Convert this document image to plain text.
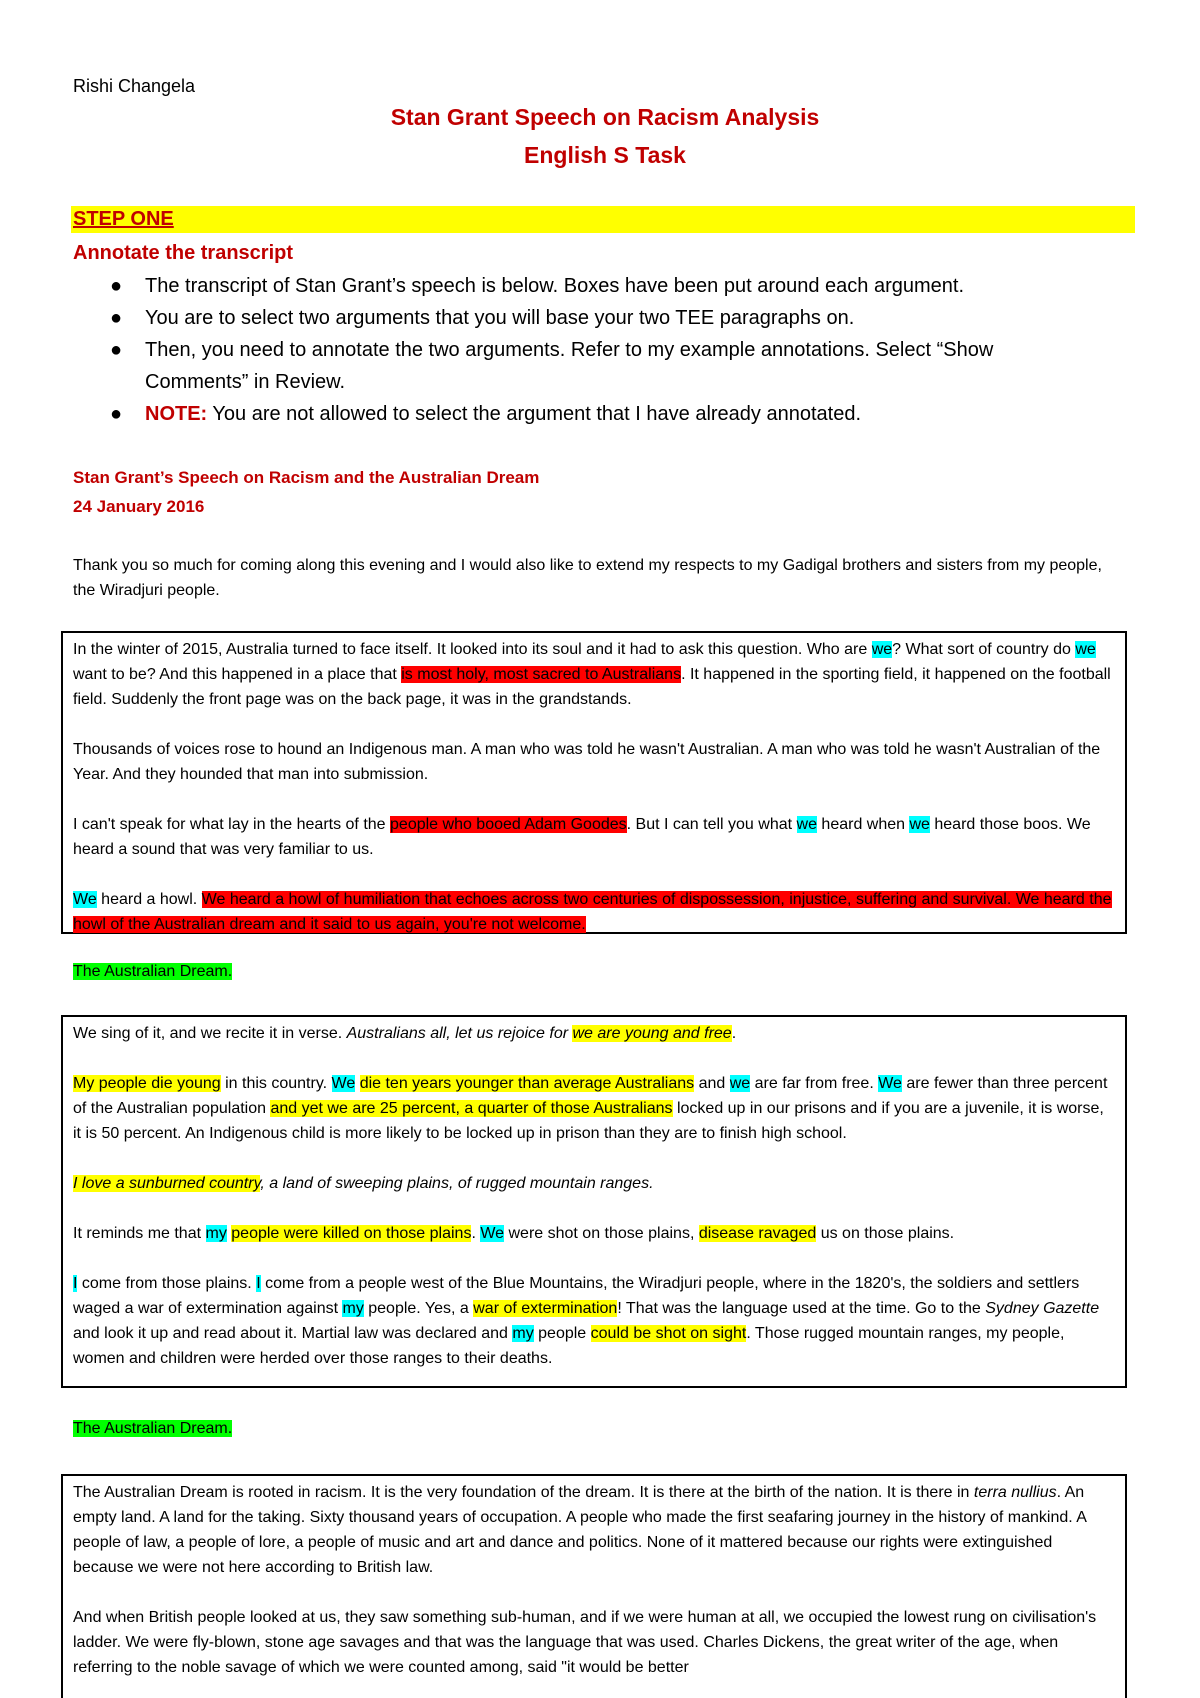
Rishi Changela
Stan Grant Speech on Racism Analysis
English S Task
STEP ONE
Annotate the transcript
● The transcript of Stan Grant’s speech is below. Boxes have been put around each argument.
● You are to select two arguments that you will base your two TEE paragraphs on.
● Then, you need to annotate the two arguments. Refer to my example annotations. Select “Show Comments” in Review.
● NOTE: You are not allowed to select the argument that I have already annotated.
Stan Grant’s Speech on Racism and the Australian Dream
24 January 2016

Thank you so much for coming along this evening and I would also like to extend my respects to my Gadigal brothers and sisters from my people, the Wiradjuri people.

In the winter of 2015, Australia turned to face itself. It looked into its soul and it had to ask this question. Who are we? What sort of country do we want to be? And this happened in a place that is most holy, most sacred to Australians. It happened in the sporting field, it happened on the football field. Suddenly the front page was on the back page, it was in the grandstands.

Thousands of voices rose to hound an Indigenous man. A man who was told he wasn't Australian. A man who was told he wasn't Australian of the Year. And they hounded that man into submission.

I can't speak for what lay in the hearts of the people who booed Adam Goodes. But I can tell you what we heard when we heard those boos. We heard a sound that was very familiar to us.

We heard a howl. We heard a howl of humiliation that echoes across two centuries of dispossession, injustice, suffering and survival. We heard the howl of the Australian dream and it said to us again, you're not welcome.

The Australian Dream.

We sing of it, and we recite it in verse. Australians all, let us rejoice for we are young and free.

My people die young in this country. We die ten years younger than average Australians and we are far from free. We are fewer than three percent of the Australian population and yet we are 25 percent, a quarter of those Australians locked up in our prisons and if you are a juvenile, it is worse, it is 50 percent. An Indigenous child is more likely to be locked up in prison than they are to finish high school.

I love a sunburned country, a land of sweeping plains, of rugged mountain ranges.

It reminds me that my people were killed on those plains. We were shot on those plains, disease ravaged us on those plains.

I come from those plains. I come from a people west of the Blue Mountains, the Wiradjuri people, where in the 1820's, the soldiers and settlers waged a war of extermination against my people. Yes, a war of extermination! That was the language used at the time. Go to the Sydney Gazette and look it up and read about it. Martial law was declared and my people could be shot on sight. Those rugged mountain ranges, my people, women and children were herded over those ranges to their deaths.

The Australian Dream.

The Australian Dream is rooted in racism. It is the very foundation of the dream. It is there at the birth of the nation. It is there in terra nullius. An empty land. A land for the taking. Sixty thousand years of occupation. A people who made the first seafaring journey in the history of mankind. A people of law, a people of lore, a people of music and art and dance and politics. None of it mattered because our rights were extinguished because we were not here according to British law.

And when British people looked at us, they saw something sub-human, and if we were human at all, we occupied the lowest rung on civilisation's ladder. We were fly-blown, stone age savages and that was the language that was used. Charles Dickens, the great writer of the age, when referring to the noble savage of which we were counted among, said "it would be better
